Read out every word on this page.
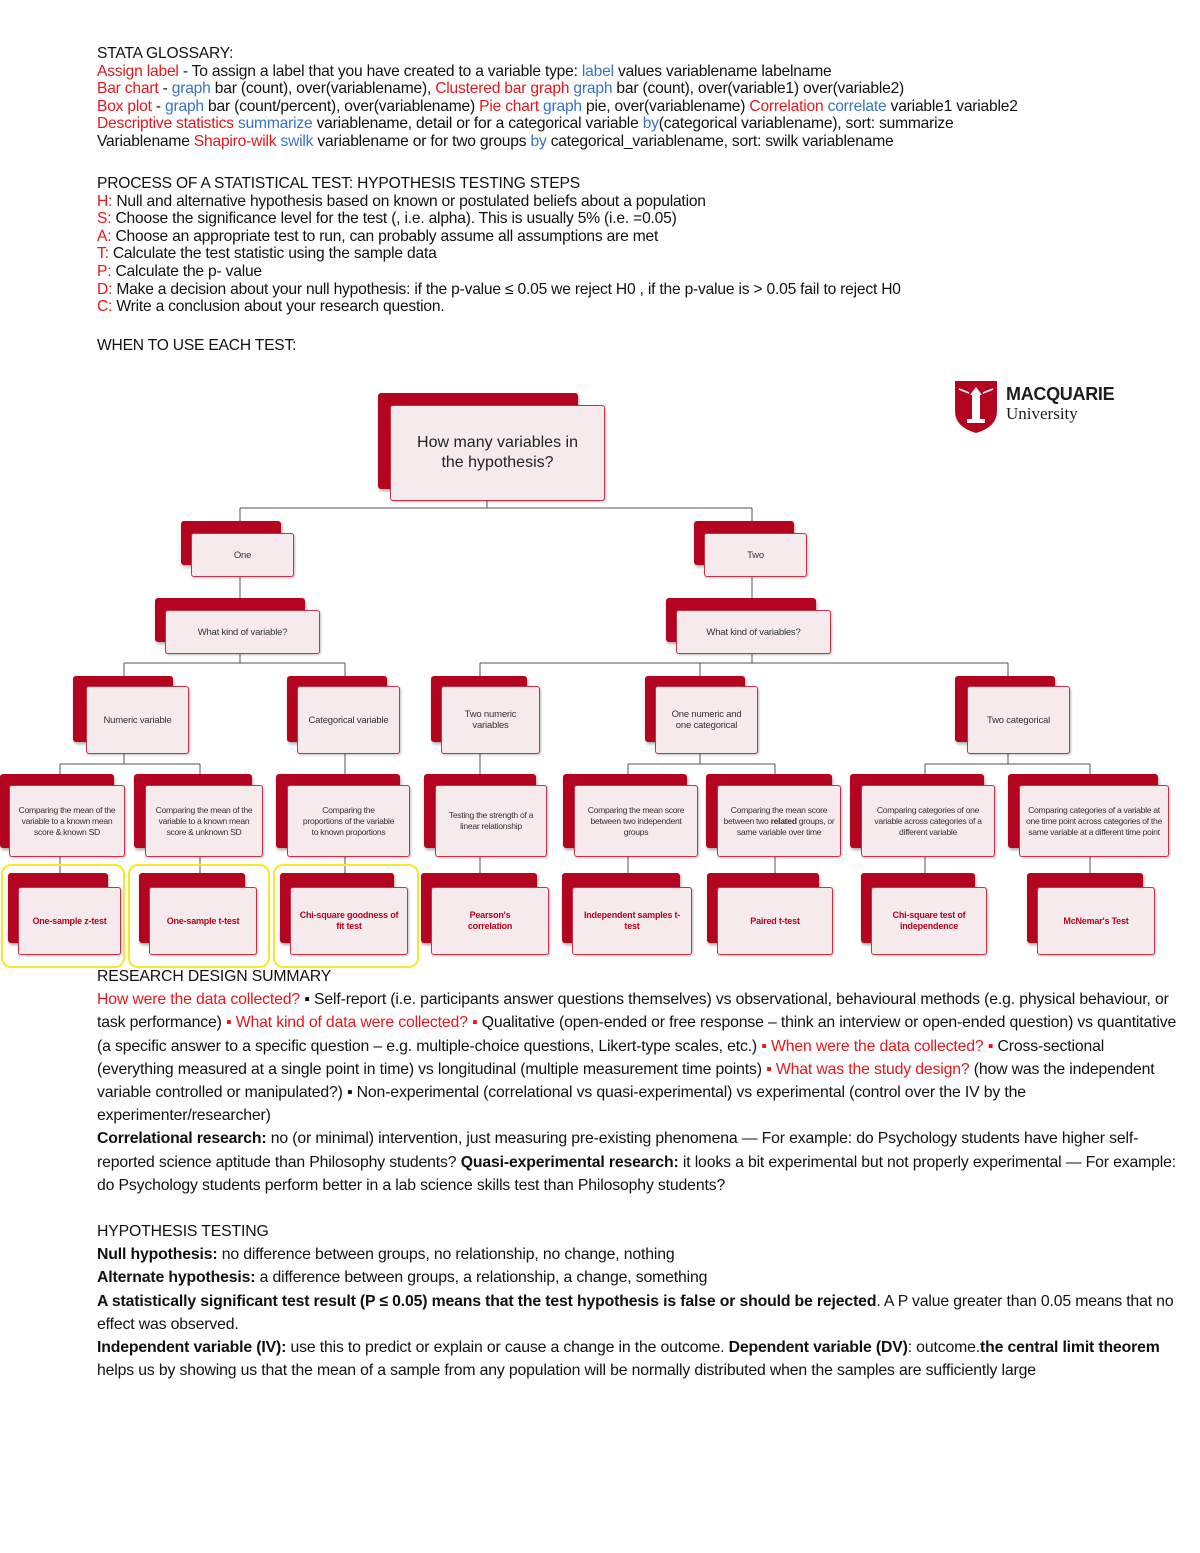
STATA GLOSSARY:
Assign label - To assign a label that you have created to a variable type: label values variablename labelname
Bar chart - graph bar (count), over(variablename), Clustered bar graph graph bar (count), over(variable1) over(variable2)
Box plot - graph bar (count/percent), over(variablename) Pie chart graph pie, over(variablename) Correlation correlate variable1 variable2
Descriptive statistics summarize variablename, detail or for a categorical variable by(categorical variablename), sort: summarize
Variablename Shapiro-wilk swilk variablename or for two groups by categorical_variablename, sort: swilk variablename
PROCESS OF A STATISTICAL TEST: HYPOTHESIS TESTING STEPS
H: Null and alternative hypothesis based on known or postulated beliefs about a population
S: Choose the significance level for the test (, i.e. alpha). This is usually 5% (i.e. =0.05)
A: Choose an appropriate test to run, can probably assume all assumptions are met
T: Calculate the test statistic using the sample data
P: Calculate the p- value
D: Make a decision about your null hypothesis: if the p-value ≤ 0.05 we reject H0 , if the p-value is > 0.05 fail to reject H0
C: Write a conclusion about your research question.
WHEN TO USE EACH TEST:
MACQUARIE
University
How many variables in the hypothesis?
One	Two
What kind of variable?	What kind of variables?
Numeric variable	Categorical variable	Two numeric variables
One numeric and one categorical	Two categorical
Comparing the mean of the variable to a known mean score & known SD
Comparing the mean of the variable to a known mean score & unknown SD
Comparing the proportions of the variable to known proportions
Testing the strength of a linear relationship
Comparing the mean score between two independent groups
Comparing the mean score between two related groups, or same variable over time
Comparing categories of one variable across categories of a different variable
Comparing categories of a variable at one time point across categories of the same variable at a different time point
One-sample z-test	One-sample t-test
Chi-square goodness of fit test
Pearson's correlation
Independent samples t-test
Paired t-test
Chi-square test of independence
McNemar's Test
RESEARCH DESIGN SUMMARY
How were the data collected? ▪ Self-report (i.e. participants answer questions themselves) vs observational, behavioural methods (e.g. physical behaviour, or task performance) ▪ What kind of data were collected? ▪ Qualitative (open-ended or free response – think an interview or open-ended question) vs quantitative (a specific answer to a specific question – e.g. multiple-choice questions, Likert-type scales, etc.) ▪ When were the data collected? ▪ Cross-sectional (everything measured at a single point in time) vs longitudinal (multiple measurement time points) ▪ What was the study design? (how was the independent variable controlled or manipulated?) ▪ Non-experimental (correlational vs quasi-experimental) vs experimental (control over the IV by the experimenter/researcher)
Correlational research: no (or minimal) intervention, just measuring pre-existing phenomena — For example: do Psychology students have higher self-reported science aptitude than Philosophy students? Quasi-experimental research: it looks a bit experimental but not properly experimental — For example: do Psychology students perform better in a lab science skills test than Philosophy students?
HYPOTHESIS TESTING
Null hypothesis: no difference between groups, no relationship, no change, nothing
Alternate hypothesis: a difference between groups, a relationship, a change, something
A statistically significant test result (P ≤ 0.05) means that the test hypothesis is false or should be rejected. A P value greater than 0.05 means that no effect was observed.
Independent variable (IV): use this to predict or explain or cause a change in the outcome. Dependent variable (DV): outcome.the central limit theorem helps us by showing us that the mean of a sample from any population will be normally distributed when the samples are sufficiently large
